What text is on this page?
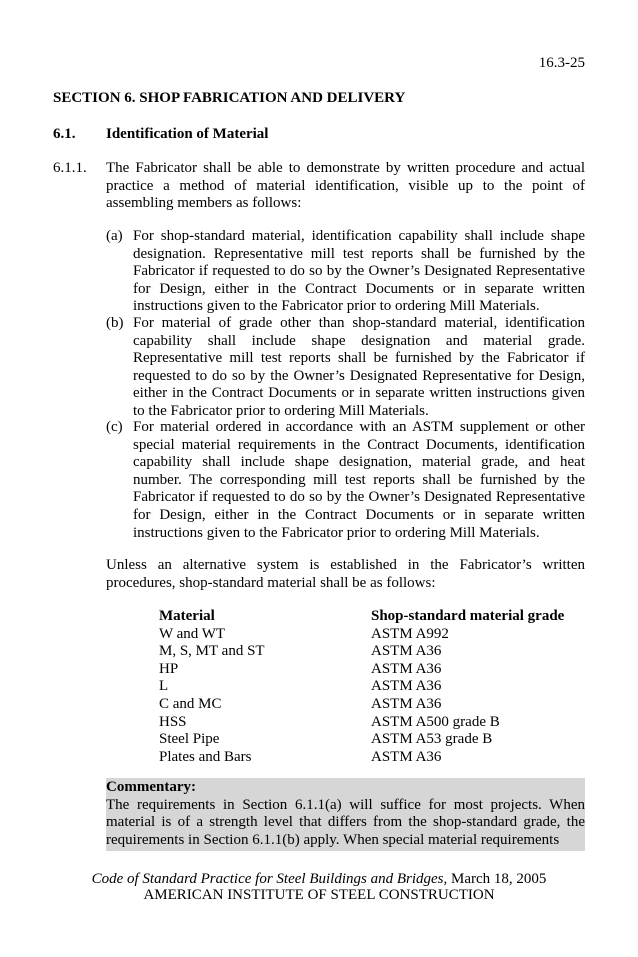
16.3-25
SECTION 6. SHOP FABRICATION AND DELIVERY
6.1. Identification of Material
6.1.1. The Fabricator shall be able to demonstrate by written procedure and actual practice a method of material identification, visible up to the point of assembling members as follows:
(a) For shop-standard material, identification capability shall include shape designation. Representative mill test reports shall be furnished by the Fabricator if requested to do so by the Owner’s Designated Representative for Design, either in the Contract Documents or in separate written instructions given to the Fabricator prior to ordering Mill Materials.
(b) For material of grade other than shop-standard material, identification capability shall include shape designation and material grade. Representative mill test reports shall be furnished by the Fabricator if requested to do so by the Owner’s Designated Representative for Design, either in the Contract Documents or in separate written instructions given to the Fabricator prior to ordering Mill Materials.
(c) For material ordered in accordance with an ASTM supplement or other special material requirements in the Contract Documents, identification capability shall include shape designation, material grade, and heat number. The corresponding mill test reports shall be furnished by the Fabricator if requested to do so by the Owner’s Designated Representative for Design, either in the Contract Documents or in separate written instructions given to the Fabricator prior to ordering Mill Materials.
Unless an alternative system is established in the Fabricator’s written procedures, shop-standard material shall be as follows:
Material	Shop-standard material grade
W and WT	ASTM A992
M, S, MT and ST	ASTM A36
HP	ASTM A36
L	ASTM A36
C and MC	ASTM A36
HSS	ASTM A500 grade B
Steel Pipe	ASTM A53 grade B
Plates and Bars	ASTM A36
Commentary:
The requirements in Section 6.1.1(a) will suffice for most projects. When material is of a strength level that differs from the shop-standard grade, the requirements in Section 6.1.1(b) apply. When special material requirements
Code of Standard Practice for Steel Buildings and Bridges, March 18, 2005
AMERICAN INSTITUTE OF STEEL CONSTRUCTION
